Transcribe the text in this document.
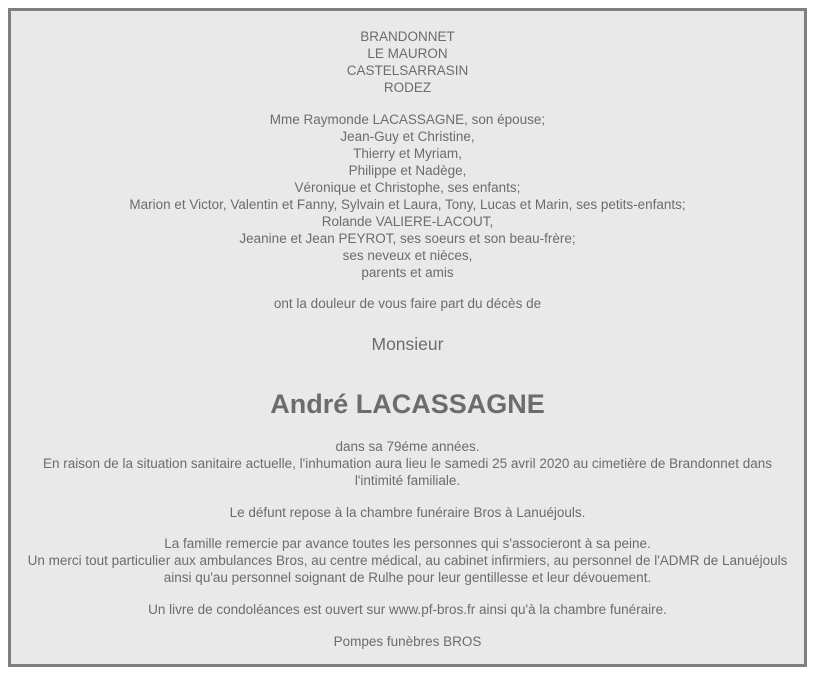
BRANDONNET
LE MAURON
CASTELSARRASIN
RODEZ
Mme Raymonde LACASSAGNE, son épouse;
Jean-Guy et Christine,
Thierry et Myriam,
Philippe et Nadège,
Véronique et Christophe, ses enfants;
Marion et Victor, Valentin et Fanny, Sylvain et Laura, Tony, Lucas et Marin, ses petits-enfants;
Rolande VALIERE-LACOUT,
Jeanine et Jean PEYROT, ses soeurs et son beau-frère;
ses neveux et nièces,
parents et amis
ont la douleur de vous faire part du décès de
Monsieur
André LACASSAGNE
dans sa 79éme années.
En raison de la situation sanitaire actuelle, l'inhumation aura lieu le samedi 25 avril 2020 au cimetière de Brandonnet dans l'intimité familiale.
Le défunt repose à la chambre funéraire Bros à Lanuéjouls.
La famille remercie par avance toutes les personnes qui s'associeront à sa peine.
Un merci tout particulier aux ambulances Bros, au centre médical, au cabinet infirmiers, au personnel de l'ADMR de Lanuéjouls ainsi qu'au personnel soignant de Rulhe pour leur gentillesse et leur dévouement.
Un livre de condoléances est ouvert sur www.pf-bros.fr ainsi qu'à la chambre funéraire.
Pompes funèbres BROS
